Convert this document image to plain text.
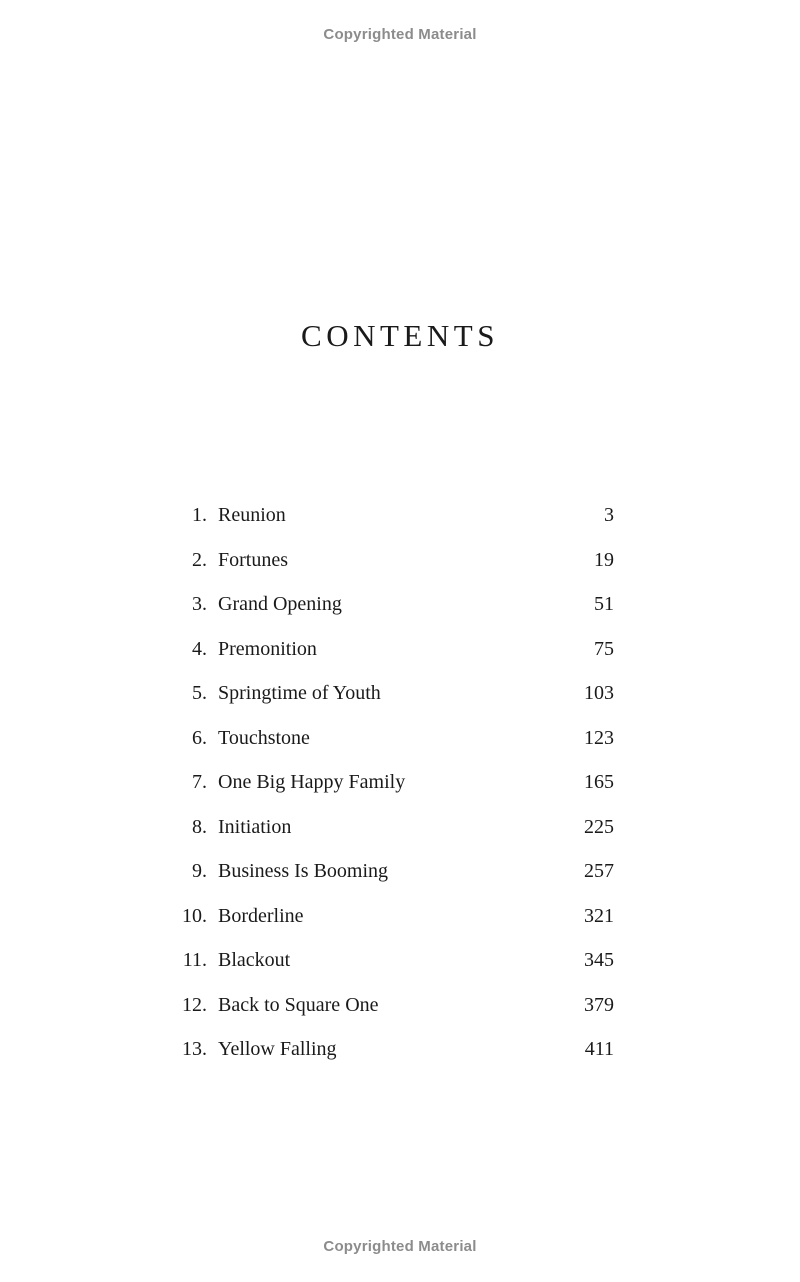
Copyrighted Material
CONTENTS
1. Reunion	3
2. Fortunes	19
3. Grand Opening	51
4. Premonition	75
5. Springtime of Youth	103
6. Touchstone	123
7. One Big Happy Family	165
8. Initiation	225
9. Business Is Booming	257
10. Borderline	321
11. Blackout	345
12. Back to Square One	379
13. Yellow Falling	411
Copyrighted Material
